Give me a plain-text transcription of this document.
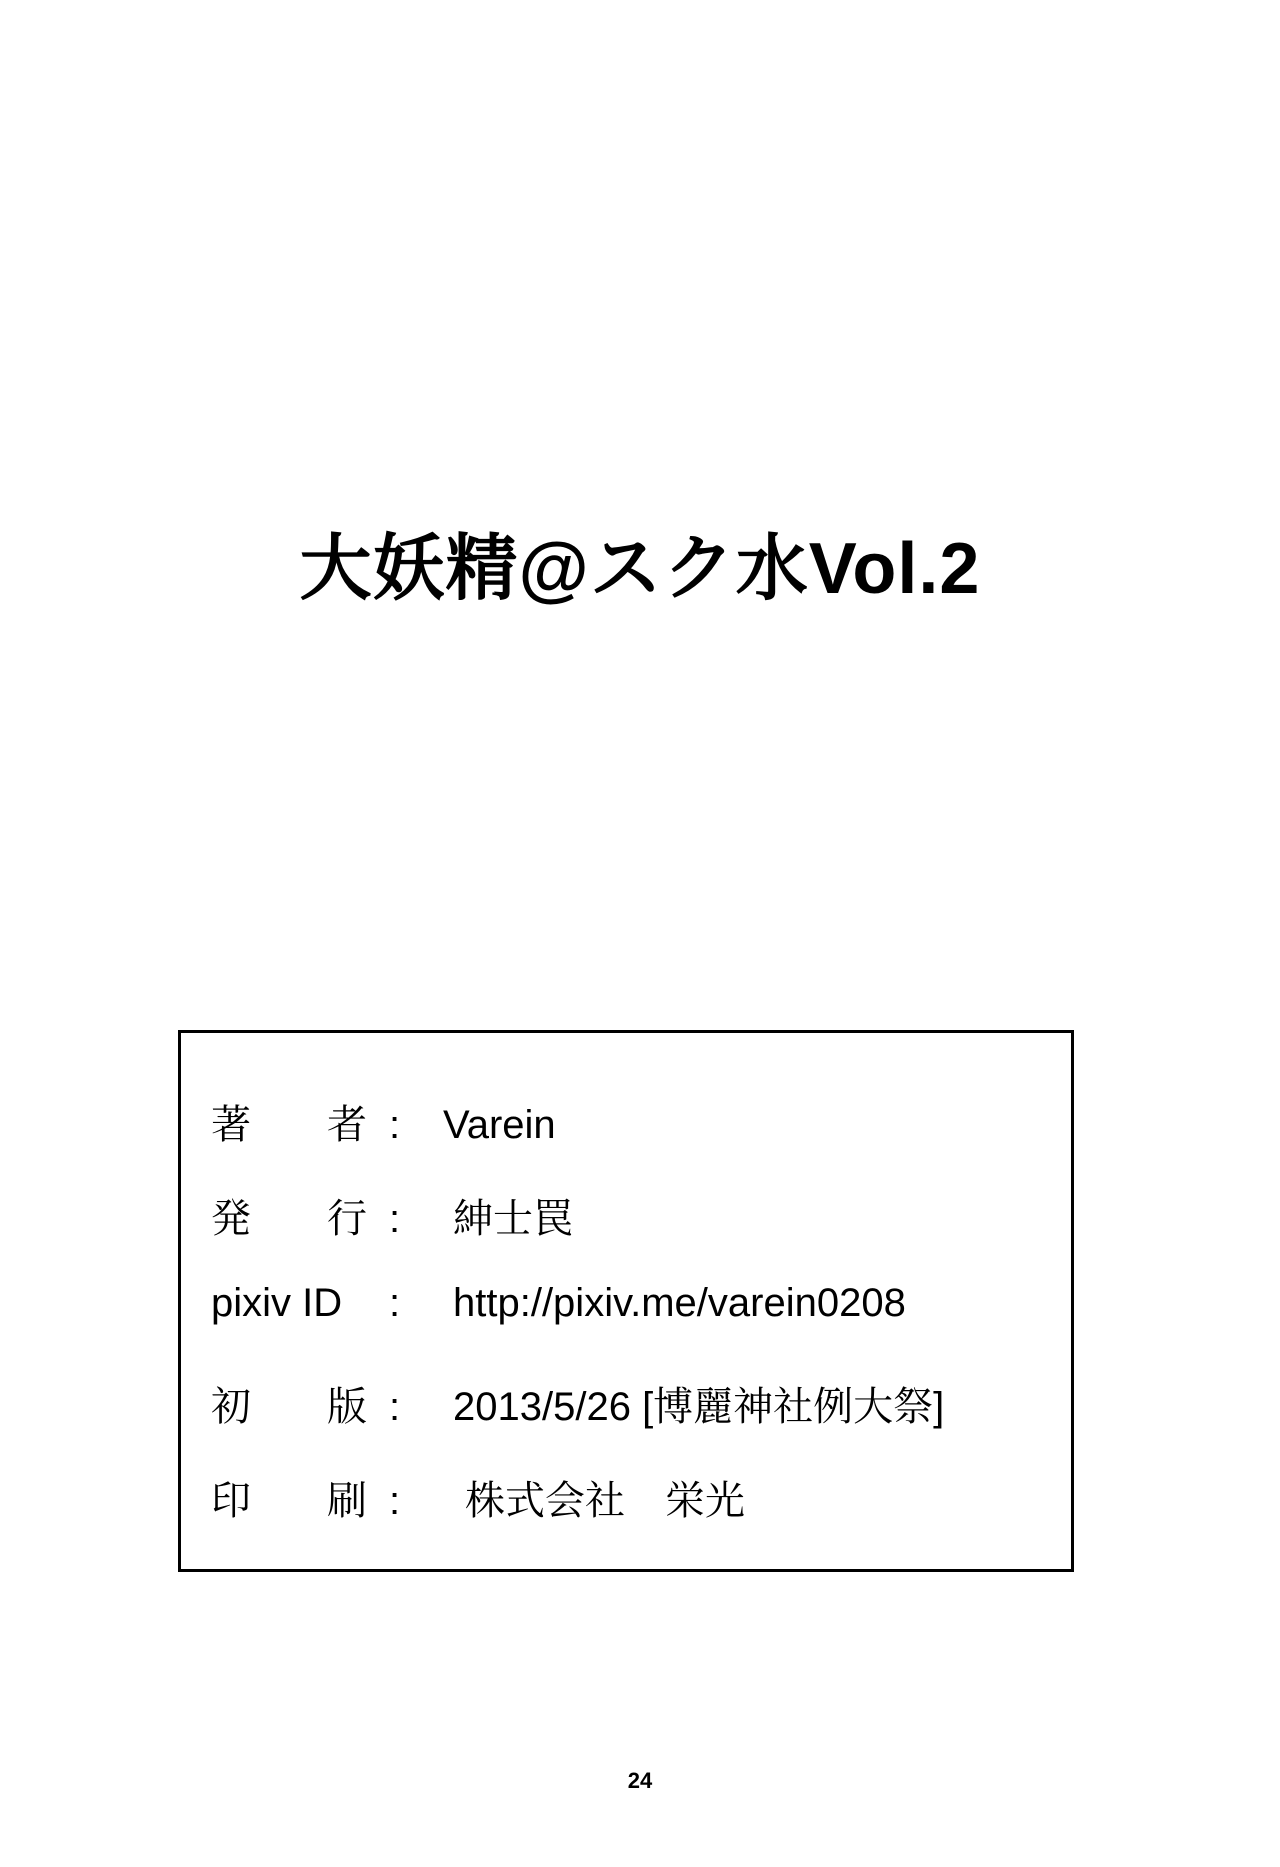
大妖精@スク水Vol.2
著　者 :	Varein
発　行 :	紳士罠
pixiv ID	:	http://pixiv.me/varein0208
初　版 :	2013/5/26 [博麗神社例大祭]
印　刷 :	株式会社　栄光
24
